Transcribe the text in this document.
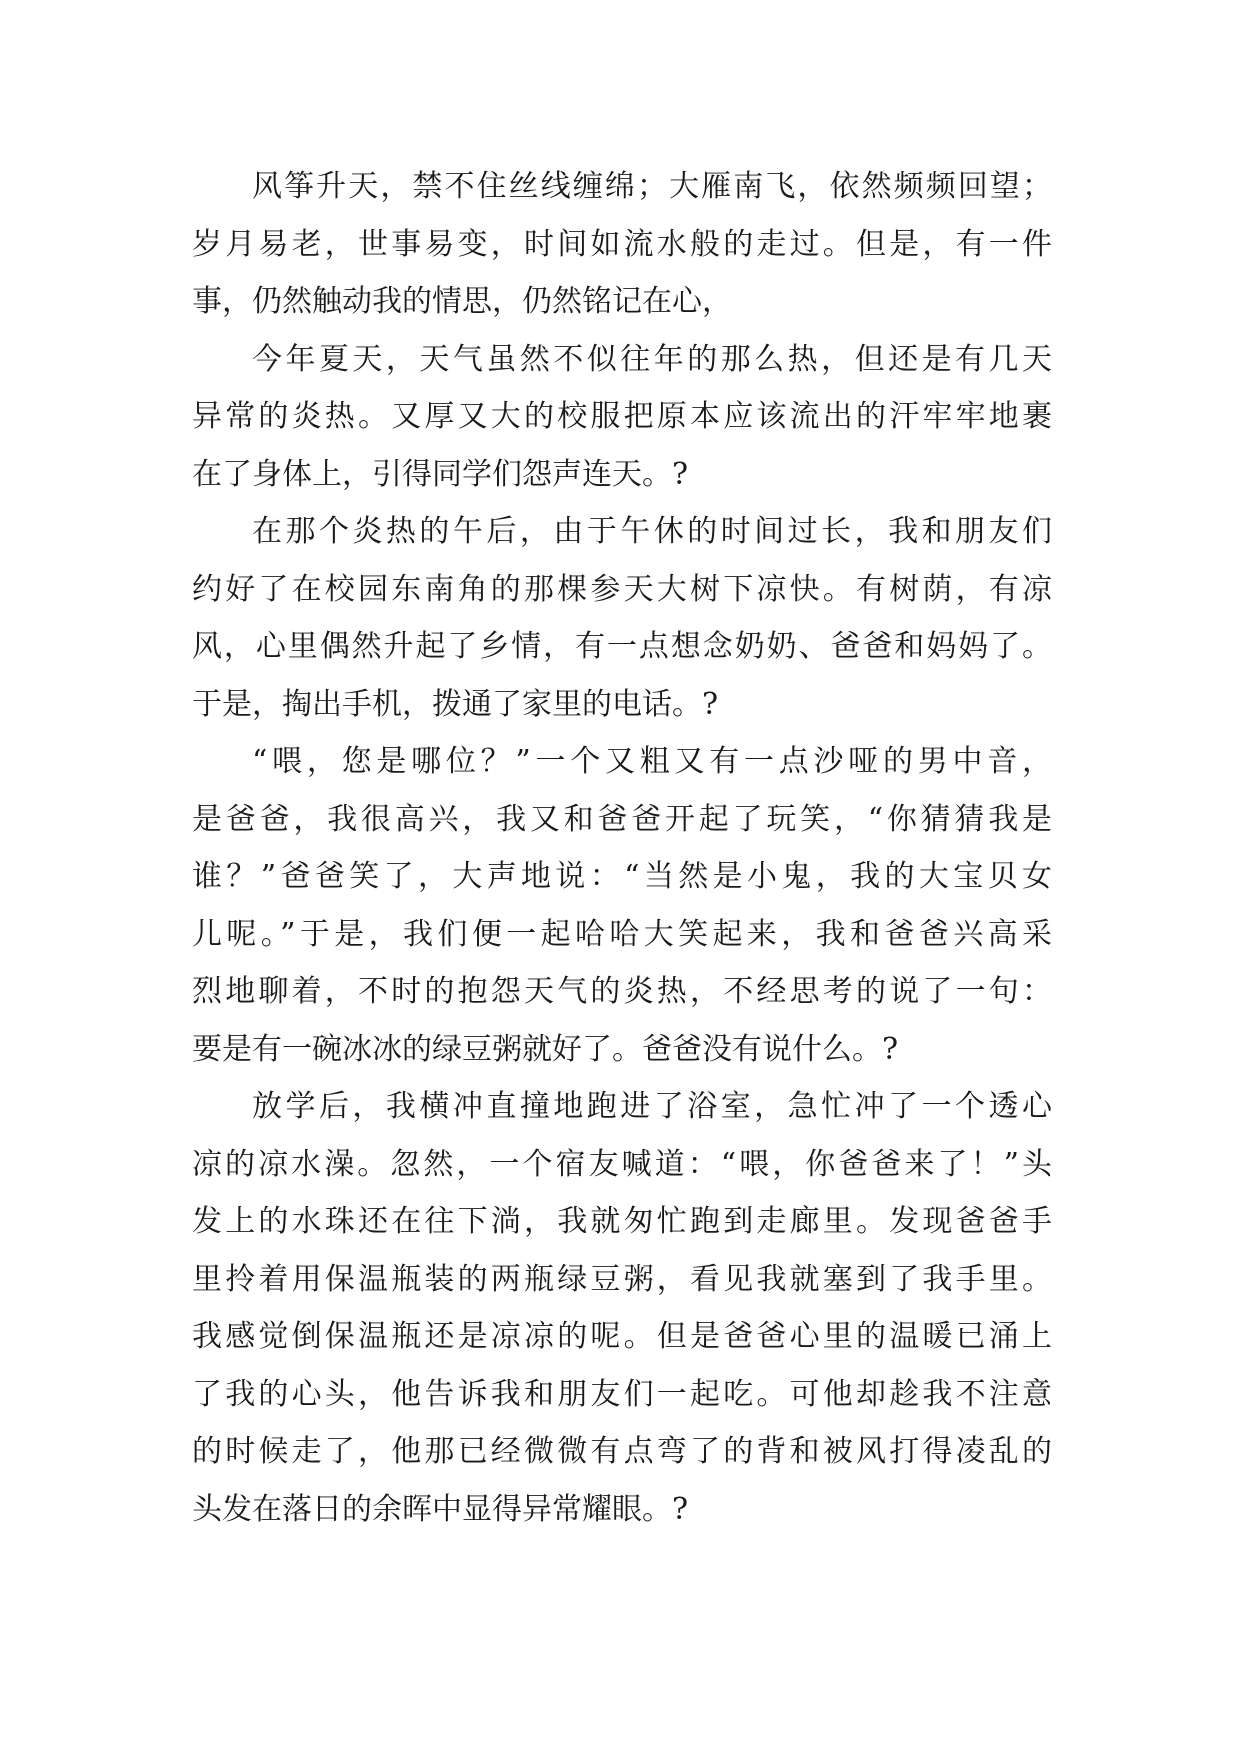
风筝升天，禁不住丝线缠绵；大雁南飞，依然频频回望；
岁月易老，世事易变，时间如流水般的走过。但是，有一件
事，仍然触动我的情思，仍然铭记在心，
今年夏天，天气虽然不似往年的那么热，但还是有几天
异常的炎热。又厚又大的校服把原本应该流出的汗牢牢地裹
在了身体上，引得同学们怨声连天。?
在那个炎热的午后，由于午休的时间过长，我和朋友们
约好了在校园东南角的那棵参天大树下凉快。有树荫，有凉
风，心里偶然升起了乡情，有一点想念奶奶、爸爸和妈妈了。
于是，掏出手机，拨通了家里的电话。?
“喂，您是哪位？”一个又粗又有一点沙哑的男中音，
是爸爸，我很高兴，我又和爸爸开起了玩笑，“你猜猜我是
谁？”爸爸笑了，大声地说：“当然是小鬼，我的大宝贝女
儿呢。”于是，我们便一起哈哈大笑起来，我和爸爸兴高采
烈地聊着，不时的抱怨天气的炎热，不经思考的说了一句：
要是有一碗冰冰的绿豆粥就好了。爸爸没有说什么。?
放学后，我横冲直撞地跑进了浴室，急忙冲了一个透心
凉的凉水澡。忽然，一个宿友喊道：“喂，你爸爸来了！”头
发上的水珠还在往下淌，我就匆忙跑到走廊里。发现爸爸手
里拎着用保温瓶装的两瓶绿豆粥，看见我就塞到了我手里。
我感觉倒保温瓶还是凉凉的呢。但是爸爸心里的温暖已涌上
了我的心头，他告诉我和朋友们一起吃。可他却趁我不注意
的时候走了，他那已经微微有点弯了的背和被风打得凌乱的
头发在落日的余晖中显得异常耀眼。?
